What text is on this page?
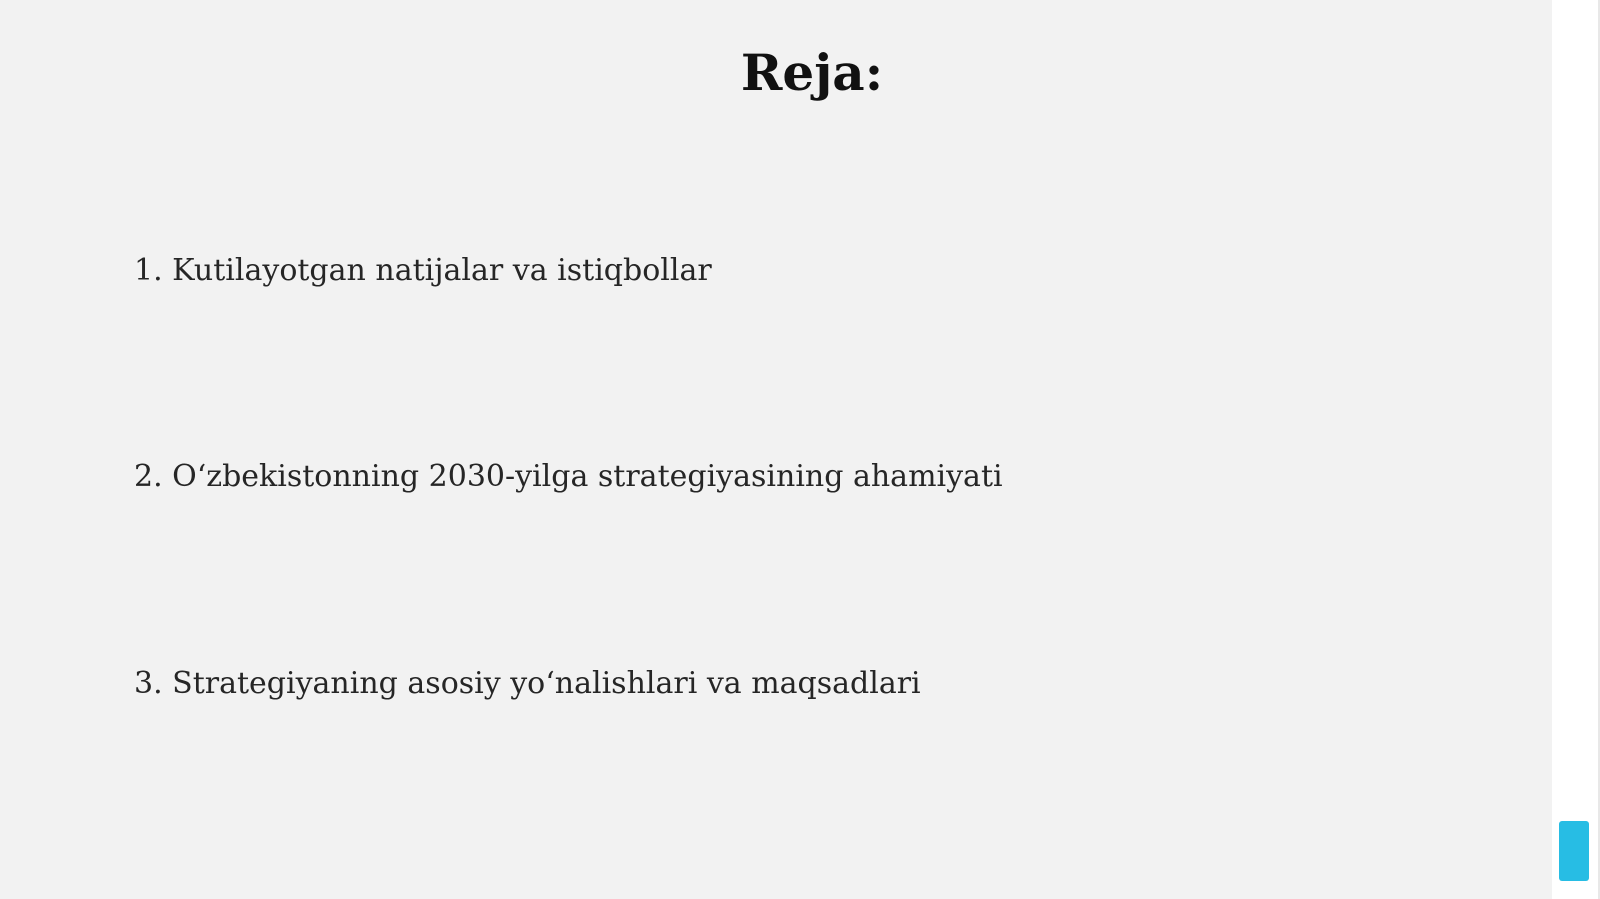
Reja:
1. Kutilayotgan natijalar va istiqbollar
2. O‘zbekistonning 2030-yilga strategiyasining ahamiyati
3. Strategiyaning asosiy yo‘nalishlari va maqsadlari
